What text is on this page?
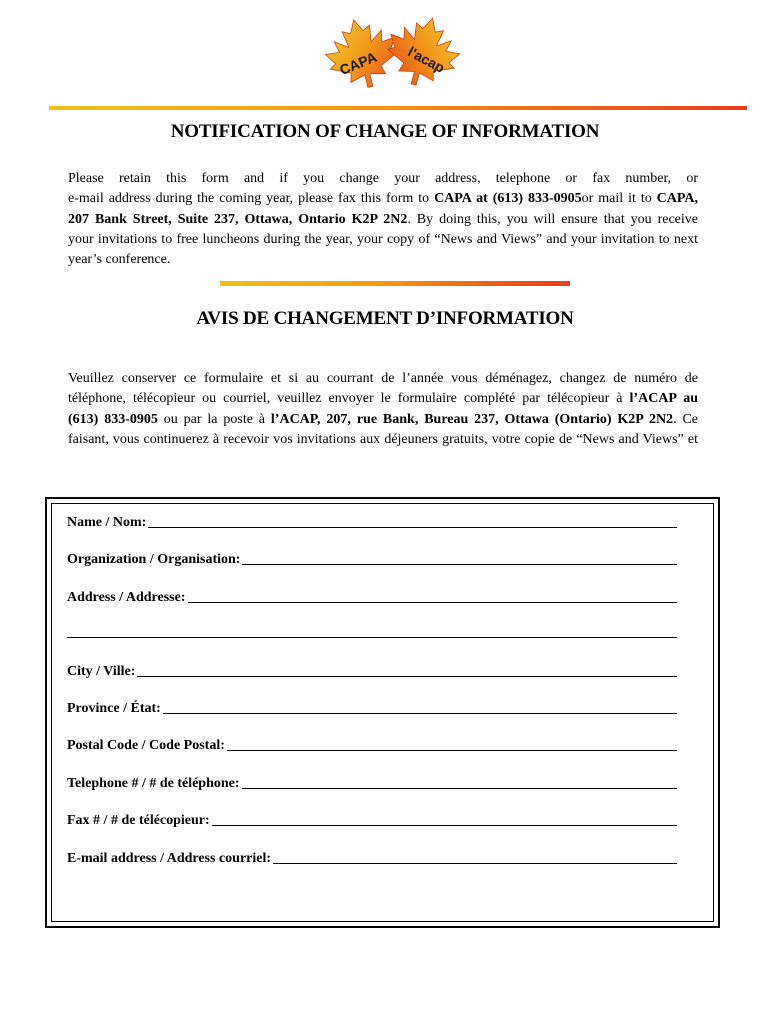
CAPA l'acap
NOTIFICATION OF CHANGE OF INFORMATION
Please retain this form and if you change your address, telephone or fax number, or
e-mail address during the coming year, please fax this form to CAPA at (613) 833-0905or mail it to CAPA,
207 Bank Street, Suite 237, Ottawa, Ontario K2P 2N2. By doing this, you will ensure that you receive
your invitations to free luncheons during the year, your copy of “News and Views” and your invitation to next
year’s conference.
AVIS DE CHANGEMENT D’INFORMATION
Veuillez conserver ce formulaire et si au courrant de l’année vous déménagez, changez de numéro de
téléphone, télécopieur ou courriel, veuillez envoyer le formulaire complété par télécopieur à l’ACAP au
(613) 833-0905 ou par la poste à l’ACAP, 207, rue Bank, Bureau 237, Ottawa (Ontario) K2P 2N2. Ce
faisant, vous continuerez à recevoir vos invitations aux déjeuners gratuits, votre copie de “News and Views” et
Name / Nom:
Organization / Organisation:
Address / Addresse:
City / Ville:
Province / État:
Postal Code / Code Postal:
Telephone # / # de téléphone:
Fax # / # de télécopieur:
E-mail address / Address courriel:
